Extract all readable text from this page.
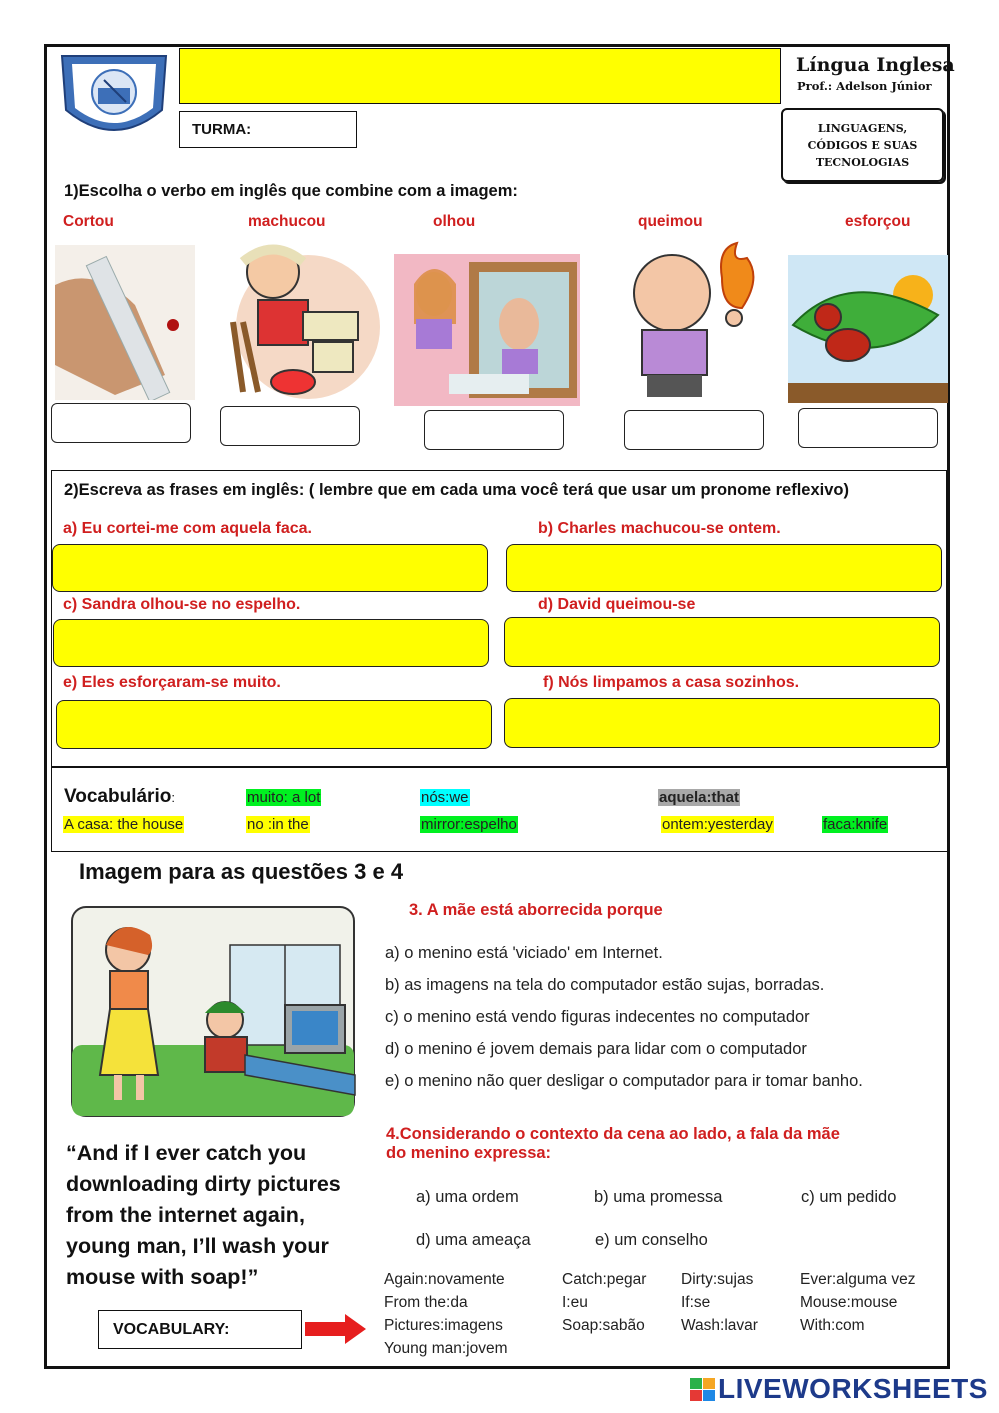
TURMA:
Língua Inglesa
Prof.: Adelson Júnior
LINGUAGENS,
CÓDIGOS E SUAS
TECNOLOGIAS
1)Escolha o verbo em inglês que combine com a imagem:
Cortou	machucou	olhou	queimou	esforçou
2)Escreva as frases em inglês: ( lembre que em cada uma você terá que usar um pronome reflexivo)
a) Eu cortei-me com aquela faca.	b) Charles machucou-se ontem.
c) Sandra olhou-se no espelho.	d) David queimou-se
e) Eles esforçaram-se muito.	f) Nós limpamos a casa sozinhos.
Vocabulário:	muito: a lot	nós:we	aquela:that
A casa: the house	no :in the	mirror:espelho	ontem:yesterday	faca:knife
Imagem para as questões 3 e 4
3. A mãe está aborrecida porque
a) o menino está 'viciado' em Internet.
b) as imagens na tela do computador estão sujas, borradas.
c) o menino está vendo figuras indecentes no computador
d) o menino é jovem demais para lidar com o computador
e) o menino não quer desligar o computador para ir tomar banho.
4.Considerando o contexto da cena ao lado, a fala da mãe
do menino expressa:
a) uma ordem	b) uma promessa	c) um pedido
d) uma ameaça	e) um conselho
“And if I ever catch you downloading dirty pictures from the internet again, young man, I’ll wash your mouse with soap!”
VOCABULARY:
Again:novamente	Catch:pegar Dirty:sujas	Ever:alguma vez
From the:da	I:eu	If:se	Mouse:mouse
Pictures:imagens	Soap:sabão Wash:lavar	With:com
Young man:jovem
LIVEWORKSHEETS
